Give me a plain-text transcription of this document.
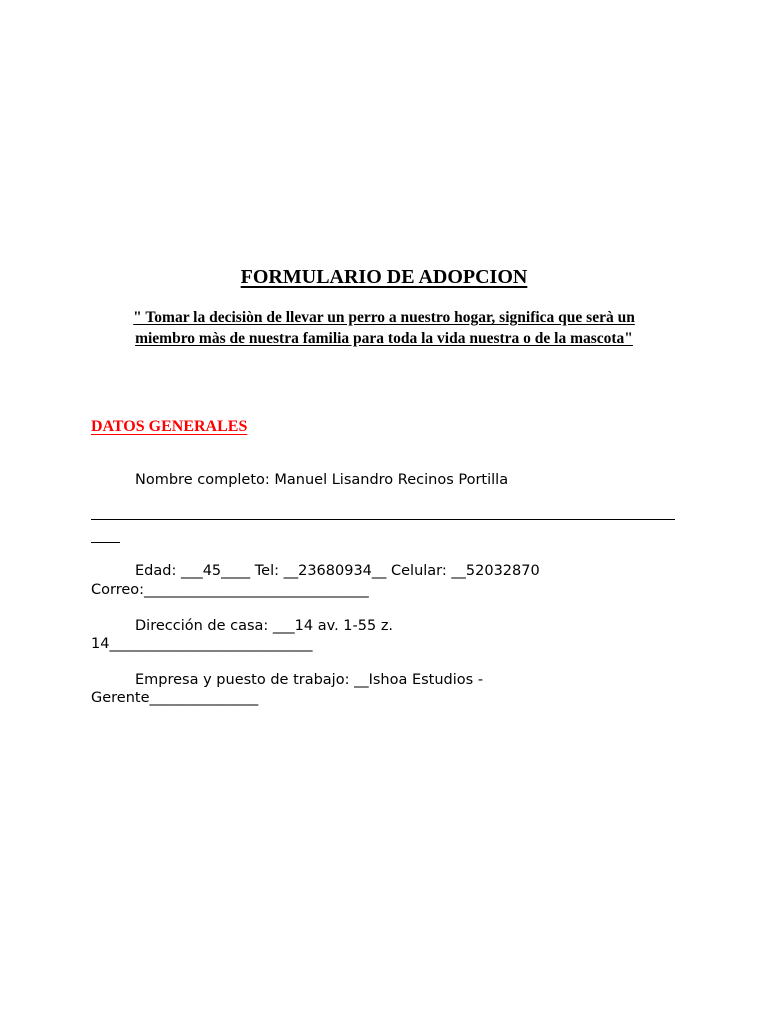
FORMULARIO DE ADOPCION
" Tomar la decisiòn de llevar un perro a nuestro hogar, significa que serà un
miembro màs de nuestra familia para toda la vida nuestra o de la mascota"
DATOS GENERALES
Nombre completo: Manuel Lisandro Recinos Portilla
Edad: ___45____ Tel: __23680934__ Celular: __52032870
Correo:_______________________________
Dirección de casa: ___14 av. 1-55 z.
14____________________________
Empresa y puesto de trabajo: __Ishoa Estudios -
Gerente_______________
